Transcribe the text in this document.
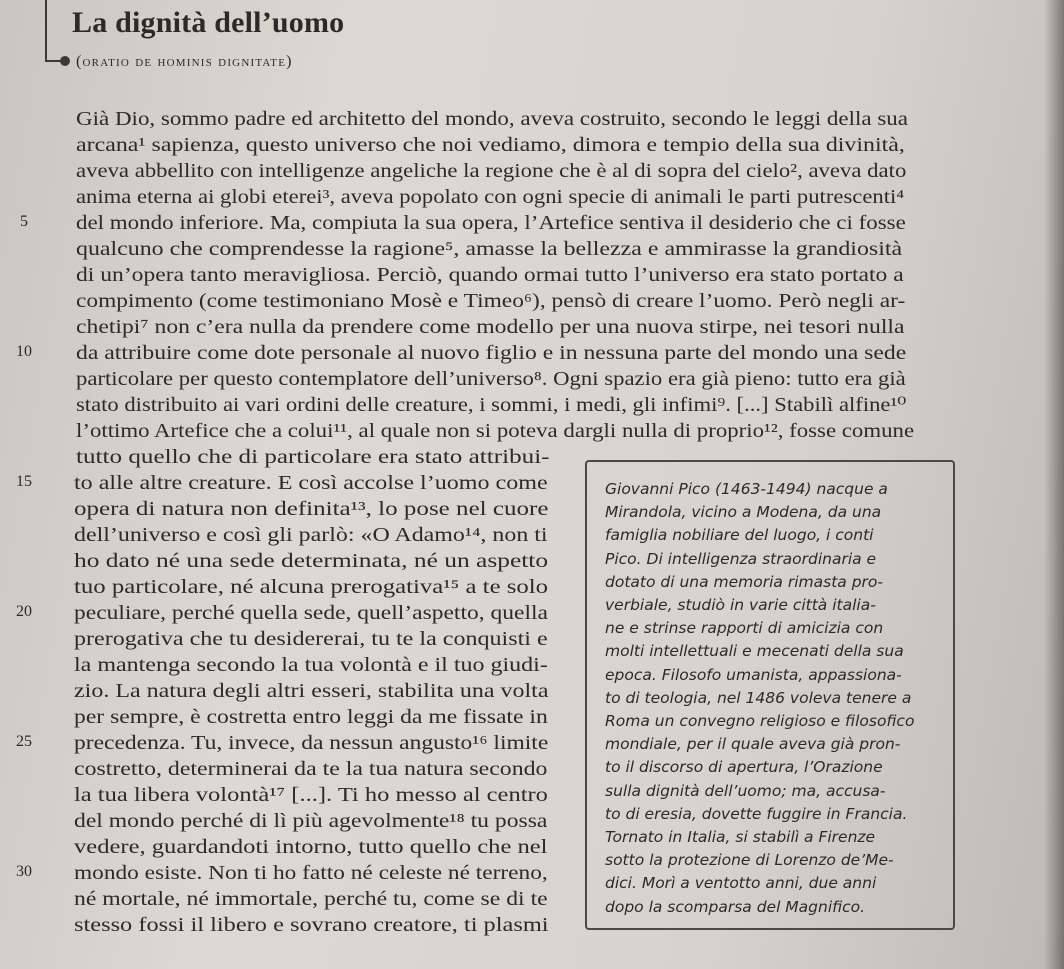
La dignità dell’uomo
(oratio de hominis dignitate)
Già Dio, sommo padre ed architetto del mondo, aveva costruito, secondo le leggi della sua
arcana¹ sapienza, questo universo che noi vediamo, dimora e tempio della sua divinità,
aveva abbellito con intelligenze angeliche la regione che è al di sopra del cielo², aveva dato
anima eterna ai globi eterei³, aveva popolato con ogni specie di animali le parti putrescenti⁴
del mondo inferiore. Ma, compiuta la sua opera, l’Artefice sentiva il desiderio che ci fosse
qualcuno che comprendesse la ragione⁵, amasse la bellezza e ammirasse la grandiosità
di un’opera tanto meravigliosa. Perciò, quando ormai tutto l’universo era stato portato a
compimento (come testimoniano Mosè e Timeo⁶), pensò di creare l’uomo. Però negli ar-
chetipi⁷ non c’era nulla da prendere come modello per una nuova stirpe, nei tesori nulla
da attribuire come dote personale al nuovo figlio e in nessuna parte del mondo una sede
particolare per questo contemplatore dell’universo⁸. Ogni spazio era già pieno: tutto era già
stato distribuito ai vari ordini delle creature, i sommi, i medi, gli infimi⁹. [...] Stabilì alfine¹⁰
l’ottimo Artefice che a colui¹¹, al quale non si poteva dargli nulla di proprio¹², fosse comune
tutto quello che di particolare era stato attribui-
to alle altre creature. E così accolse l’uomo come
opera di natura non definita¹³, lo pose nel cuore
dell’universo e così gli parlò: «O Adamo¹⁴, non ti
ho dato né una sede determinata, né un aspetto
tuo particolare, né alcuna prerogativa¹⁵ a te solo
peculiare, perché quella sede, quell’aspetto, quella
prerogativa che tu desidererai, tu te la conquisti e
la mantenga secondo la tua volontà e il tuo giudi-
zio. La natura degli altri esseri, stabilita una volta
per sempre, è costretta entro leggi da me fissate in
precedenza. Tu, invece, da nessun angusto¹⁶ limite
costretto, determinerai da te la tua natura secondo
la tua libera volontà¹⁷ [...]. Ti ho messo al centro
del mondo perché di lì più agevolmente¹⁸ tu possa
vedere, guardandoti intorno, tutto quello che nel
mondo esiste. Non ti ho fatto né celeste né terreno,
né mortale, né immortale, perché tu, come se di te
stesso fossi il libero e sovrano creatore, ti plasmi
5
10
15
20
25
30
Giovanni Pico (1463-1494) nacque a
Mirandola, vicino a Modena, da una
famiglia nobiliare del luogo, i conti
Pico. Di intelligenza straordinaria e
dotato di una memoria rimasta pro-
verbiale, studiò in varie città italia-
ne e strinse rapporti di amicizia con
molti intellettuali e mecenati della sua
epoca. Filosofo umanista, appassiona-
to di teologia, nel 1486 voleva tenere a
Roma un convegno religioso e filosofico
mondiale, per il quale aveva già pron-
to il discorso di apertura, l’Orazione
sulla dignità dell’uomo; ma, accusa-
to di eresia, dovette fuggire in Francia.
Tornato in Italia, si stabilì a Firenze
sotto la protezione di Lorenzo de’Me-
dici. Morì a ventotto anni, due anni
dopo la scomparsa del Magnifico.
